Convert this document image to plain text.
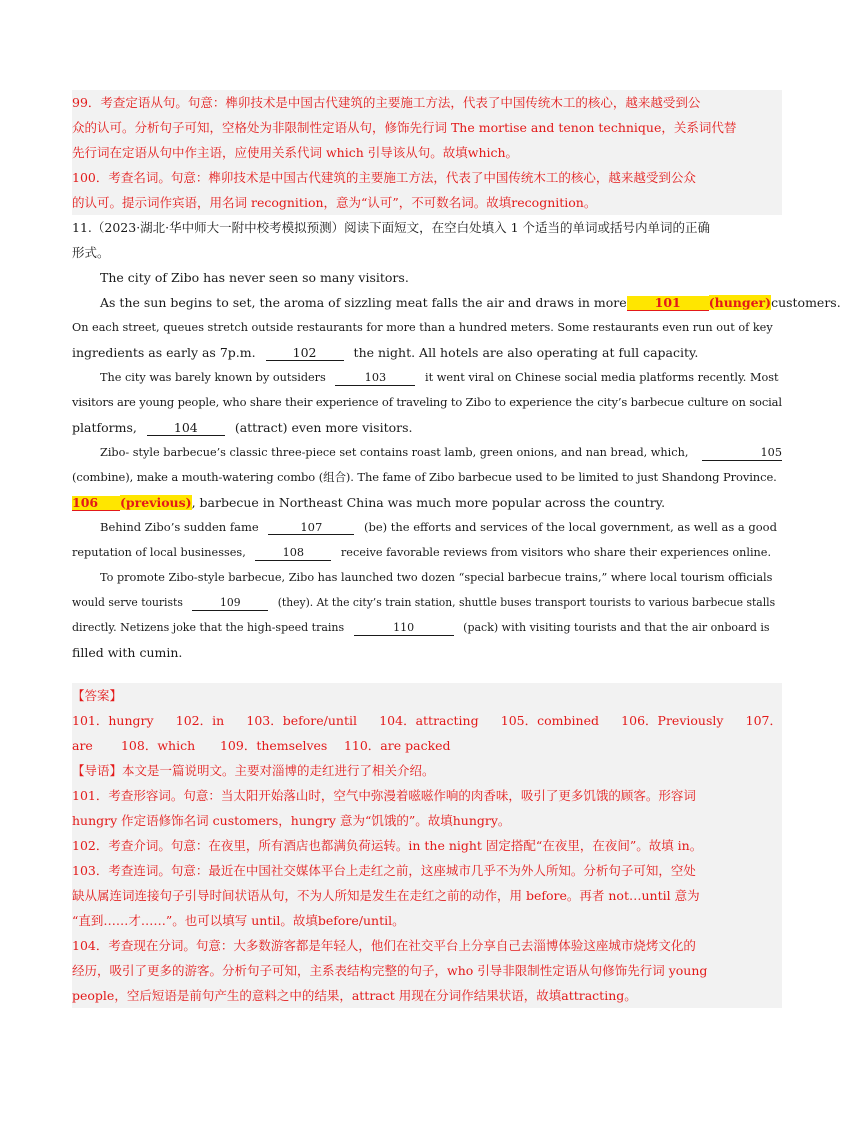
99．考查定语从句。句意：榫卯技术是中国古代建筑的主要施工方法，代表了中国传统木工的核心，越来越受到公
众的认可。分析句子可知，空格处为非限制性定语从句，修饰先行词 The mortise and tenon technique，关系词代替
先行词在定语从句中作主语，应使用关系代词 which 引导该从句。故填which。
100．考查名词。句意：榫卯技术是中国古代建筑的主要施工方法，代表了中国传统木工的核心，越来越受到公众
的认可。提示词作宾语，用名词 recognition，意为“认可”，不可数名词。故填recognition。
11.（2023·湖北·华中师大一附中校考模拟预测）阅读下面短文，在空白处填入 1 个适当的单词或括号内单词的正确
形式。
The city of Zibo has never seen so many visitors.
As the sun begins to set, the aroma of sizzling meat falls the air and draws in more	101 (hunger) customers.
On each street, queues stretch outside restaurants for more than a hundred meters. Some restaurants even run out of key
ingredients as early as 7p.m.	102	the night. All hotels are also operating at full capacity.
The city was barely known by outsiders	103	it went viral on Chinese social media platforms recently. Most
visitors are young people, who share their experience of traveling to Zibo to experience the city’s barbecue culture on social
platforms,	104	(attract) even more visitors.
Zibo- style barbecue’s classic three-piece set contains roast lamb, green onions, and nan bread, which,	105
(combine), make a mouth-watering combo (组合). The fame of Zibo barbecue used to be limited to just Shandong Province.
106 (previous), barbecue in Northeast China was much more popular across the country.
Behind Zibo’s sudden fame	107	(be) the efforts and services of the local government, as well as a good
reputation of local businesses,	108	receive favorable reviews from visitors who share their experiences online.
To promote Zibo-style barbecue, Zibo has launched two dozen “special barbecue trains,” where local tourism officials
would serve tourists	109	(they). At the city’s train station, shuttle buses transport tourists to various barbecue stalls
directly. Netizens joke that the high-speed trains	110	(pack) with visiting tourists and that the air onboard is
filled with cumin.
【答案】
101．hungry 102．in 103．before/until 104．attracting 105．combined 106．Previously 107．
are 108．which 109．themselves 110．are packed
【导语】本文是一篇说明文。主要对淄博的走红进行了相关介绍。
101．考查形容词。句意：当太阳开始落山时，空气中弥漫着嗞嗞作响的肉香味，吸引了更多饥饿的顾客。形容词
hungry 作定语修饰名词 customers，hungry 意为“饥饿的”。故填hungry。
102．考查介词。句意：在夜里，所有酒店也都满负荷运转。in the night 固定搭配“在夜里，在夜间”。故填 in。
103．考查连词。句意：最近在中国社交媒体平台上走红之前，这座城市几乎不为外人所知。分析句子可知，空处
缺从属连词连接句子引导时间状语从句，不为人所知是发生在走红之前的动作，用 before。再者 not…until 意为
“直到……才……”。也可以填写 until。故填before/until。
104．考查现在分词。句意：大多数游客都是年轻人，他们在社交平台上分享自己去淄博体验这座城市烧烤文化的
经历，吸引了更多的游客。分析句子可知，主系表结构完整的句子，who 引导非限制性定语从句修饰先行词 young
people，空后短语是前句产生的意料之中的结果，attract 用现在分词作结果状语，故填attracting。
